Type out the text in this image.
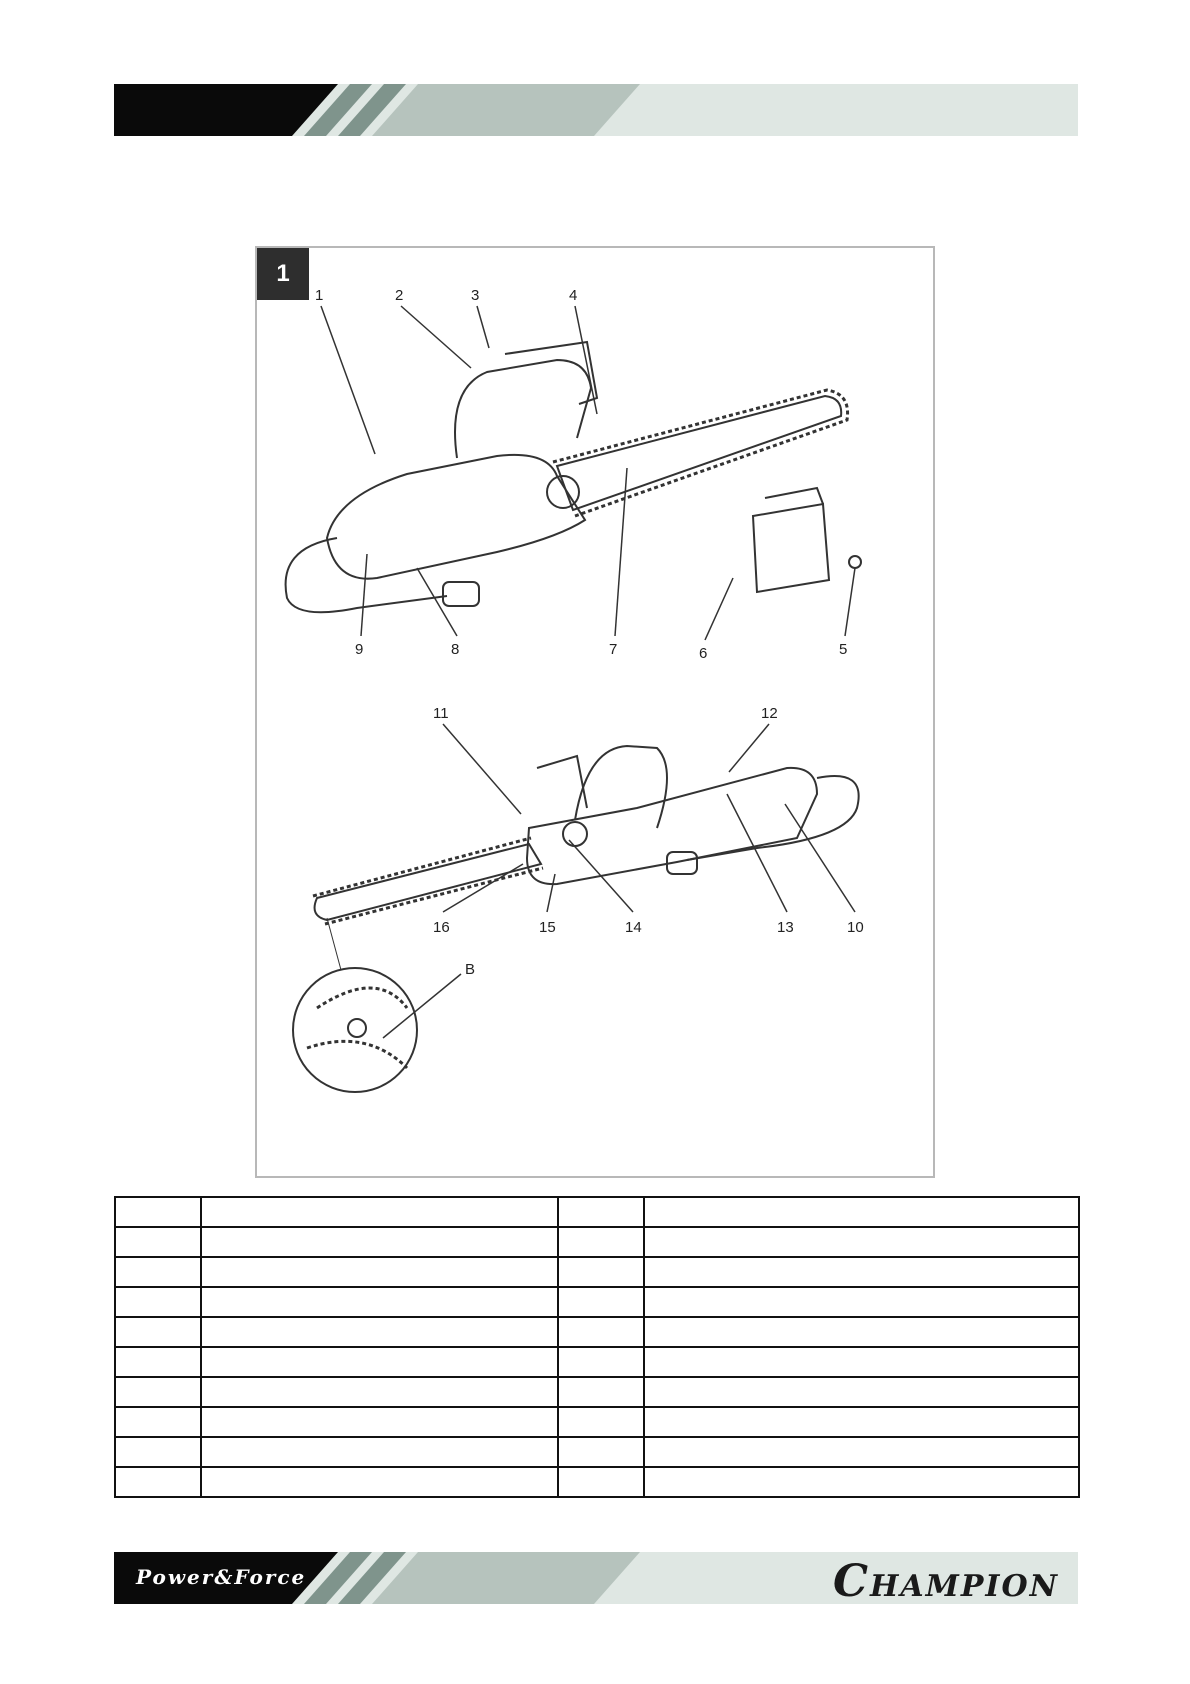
1
1	2	3	4
5
6
7
8
9
10
11	12
13
14
15
16
B

Power&Force	CHAMPION
